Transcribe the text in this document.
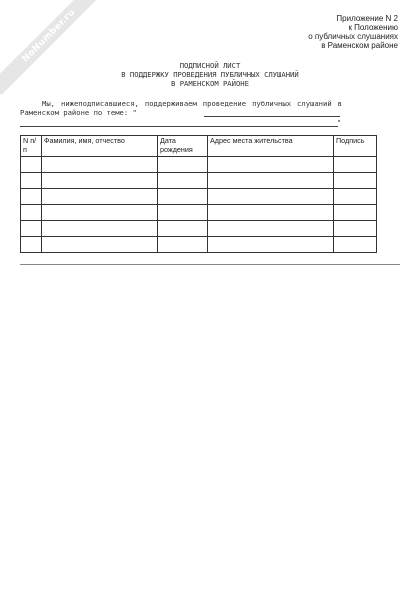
NoNumber.ru	Приложение N 2
к Положению
о публичных слушаниях
в Раменском районе
ПОДПИСНОЙ ЛИСТ
В ПОДДЕРЖКУ ПРОВЕДЕНИЯ ПУБЛИЧНЫХ СЛУШАНИЙ
В РАМЕНСКОМ РАЙОНЕ
Мы, нижеподписавшиеся, поддерживаем проведение публичных слушаний в Раменском районе по теме: "
"
N п/п	Фамилия, имя, отчество	Дата рождения	Адрес места жительства	Подпись
